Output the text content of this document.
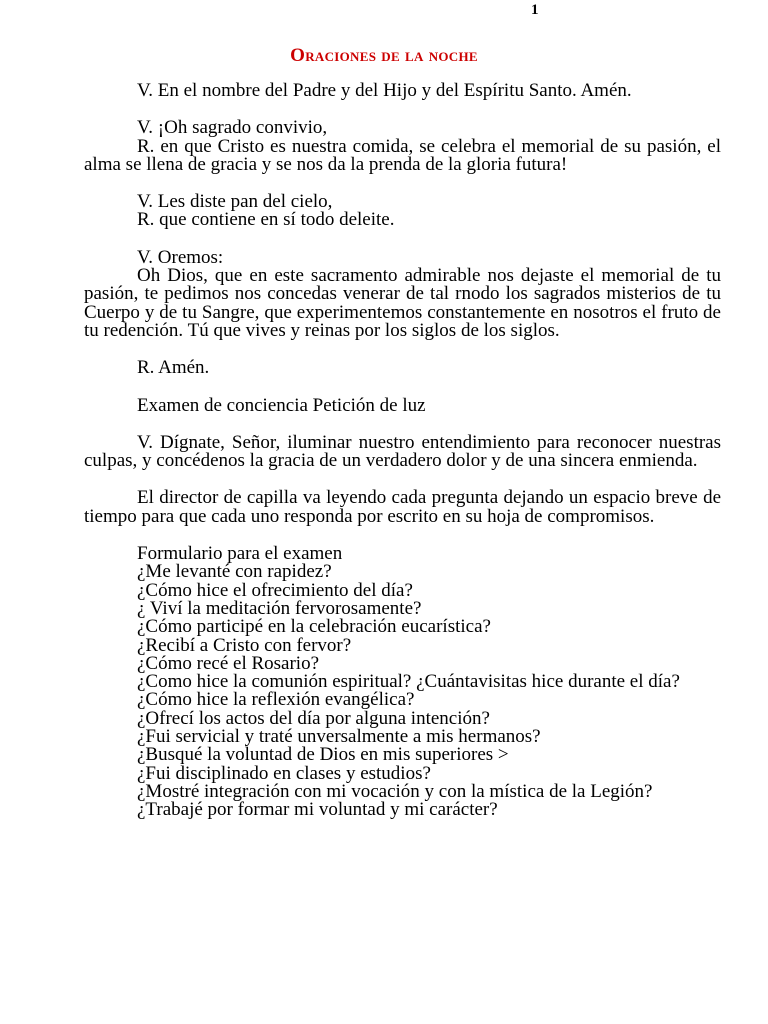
1
Oraciones de la noche

V. En el nombre del Padre y del Hijo y del Espíritu Santo. Amén.

V. ¡Oh sagrado convivio,
R. en que Cristo es nuestra comida, se celebra el memorial de su pasión, el alma se llena de gracia y se nos da la prenda de la gloria futura!
V. Les diste pan del cielo,
R. que contiene en sí todo deleite.
V. Oremos:
Oh Dios, que en este sacramento admirable nos dejaste el memorial de tu pasión, te pedimos nos concedas venerar de tal rnodo los sagrados misterios de tu Cuerpo y de tu Sangre, que experimentemos constantemente en nosotros el fruto de tu redención. Tú que vives y reinas por los siglos de los siglos.

R. Amén.

Examen de conciencia Petición de luz

V. Dígnate, Señor, iluminar nuestro entendimiento para reconocer nuestras culpas, y concédenos la gracia de un verdadero dolor y de una sincera enmienda.

El director de capilla va leyendo cada pregunta dejando un espacio breve de tiempo para que cada uno responda por escrito en su hoja de compromisos.

Formulario para el examen
¿Me levanté con rapidez?
¿Cómo hice el ofrecimiento del día?
¿ Viví la meditación fervorosamente?
¿Cómo participé en la celebración eucarística?
¿Recibí a Cristo con fervor?
¿Cómo recé el Rosario?
¿Como hice la comunión espiritual? ¿Cuántavisitas hice durante el día?
¿Cómo hice la reflexión evangélica?
¿Ofrecí los actos del día por alguna intención?
¿Fui servicial y traté unversalmente a mis hermanos?
¿Busqué la voluntad de Dios en mis superiores >
¿Fui disciplinado en clases y estudios?
¿Mostré integración con mi vocación y con la mística de la Legión?
¿Trabajé por formar mi voluntad y mi carácter?
